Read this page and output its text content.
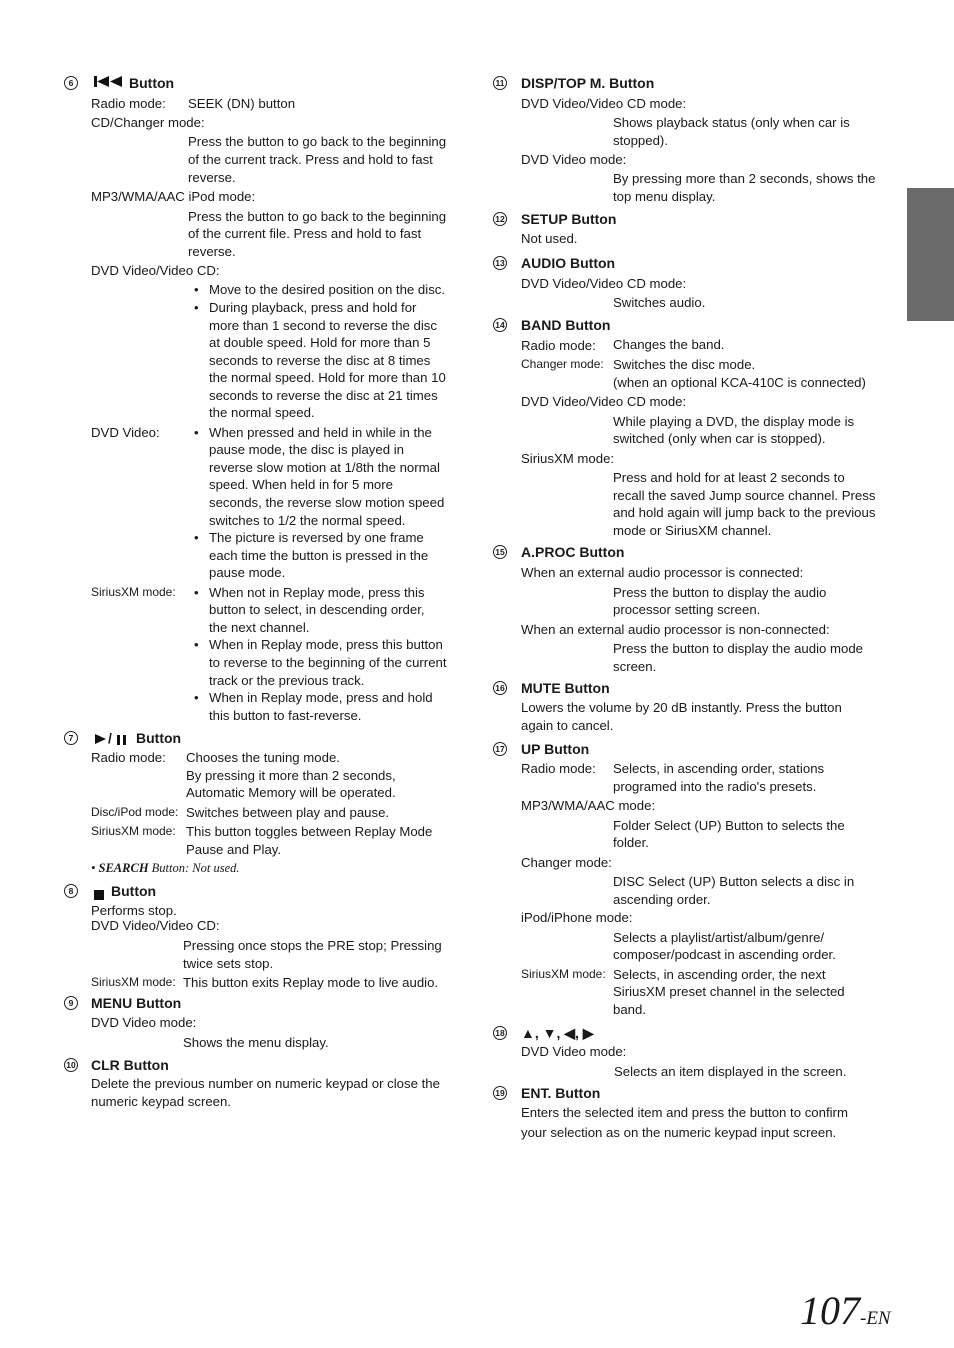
6	Button
Radio mode: SEEK (DN) button
CD/Changer mode:
Press the button to go back to the beginning
of the current track. Press and hold to fast
reverse.
MP3/WMA/AAC iPod mode:
Press the button to go back to the beginning
of the current file. Press and hold to fast
reverse.
DVD Video/Video CD:
• Move to the desired position on the disc.
• During playback, press and hold for
more than 1 second to reverse the disc
at double speed. Hold for more than 5
seconds to reverse the disc at 8 times
the normal speed. Hold for more than 10
seconds to reverse the disc at 21 times
the normal speed.
DVD Video:	• When pressed and held in while in the
pause mode, the disc is played in
reverse slow motion at 1/8th the normal
speed. When held in for 5 more
seconds, the reverse slow motion speed
switches to 1/2 the normal speed.
• The picture is reversed by one frame
each time the button is pressed in the
pause mode.
SiriusXM mode: • When not in Replay mode, press this
button to select, in descending order,
the next channel.
• When in Replay mode, press this button
to reverse to the beginning of the current
track or the previous track.
• When in Replay mode, press and hold
this button to fast-reverse.
7	/ Button
Radio mode: Chooses the tuning mode.
By pressing it more than 2 seconds,
Automatic Memory will be operated.
Disc/iPod mode: Switches between play and pause.
SiriusXM mode: This button toggles between Replay Mode
Pause and Play.
• SEARCH Button: Not used.
8	Button
Performs stop.
DVD Video/Video CD:
Pressing once stops the PRE stop; Pressing
twice sets stop.
SiriusXM mode: This button exits Replay mode to live audio.
9	MENU Button
DVD Video mode:
Shows the menu display.
10 CLR Button
Delete the previous number on numeric keypad or close the
numeric keypad screen.
11 DISP/TOP M. Button
DVD Video/Video CD mode:
Shows playback status (only when car is
stopped).
DVD Video mode:
By pressing more than 2 seconds, shows the
top menu display.
12 SETUP Button
Not used.
13 AUDIO Button
DVD Video/Video CD mode:
Switches audio.
14 BAND Button
Radio mode: Changes the band.
Changer mode: Switches the disc mode.
(when an optional KCA-410C is connected)
DVD Video/Video CD mode:
While playing a DVD, the display mode is
switched (only when car is stopped).
SiriusXM mode:
Press and hold for at least 2 seconds to
recall the saved Jump source channel. Press
and hold again will jump back to the previous
mode or SiriusXM channel.
15 A.PROC Button
When an external audio processor is connected:
Press the button to display the audio
processor setting screen.
When an external audio processor is non-connected:
Press the button to display the audio mode
screen.
16 MUTE Button
Lowers the volume by 20 dB instantly. Press the button
again to cancel.
17 UP Button
Radio mode: Selects, in ascending order, stations
programed into the radio's presets.
MP3/WMA/AAC mode:
Folder Select (UP) Button to selects the
folder.
Changer mode:
DISC Select (UP) Button selects a disc in
ascending order.
iPod/iPhone mode:
Selects a playlist/artist/album/genre/
composer/podcast in ascending order.
SiriusXM mode: Selects, in ascending order, the next
SiriusXM preset channel in the selected
band.
18 ▲, ▼, ◀, ▶
DVD Video mode:
Selects an item displayed in the screen.
19 ENT. Button
Enters the selected item and press the button to confirm
your selection as on the numeric keypad input screen.
107-EN
